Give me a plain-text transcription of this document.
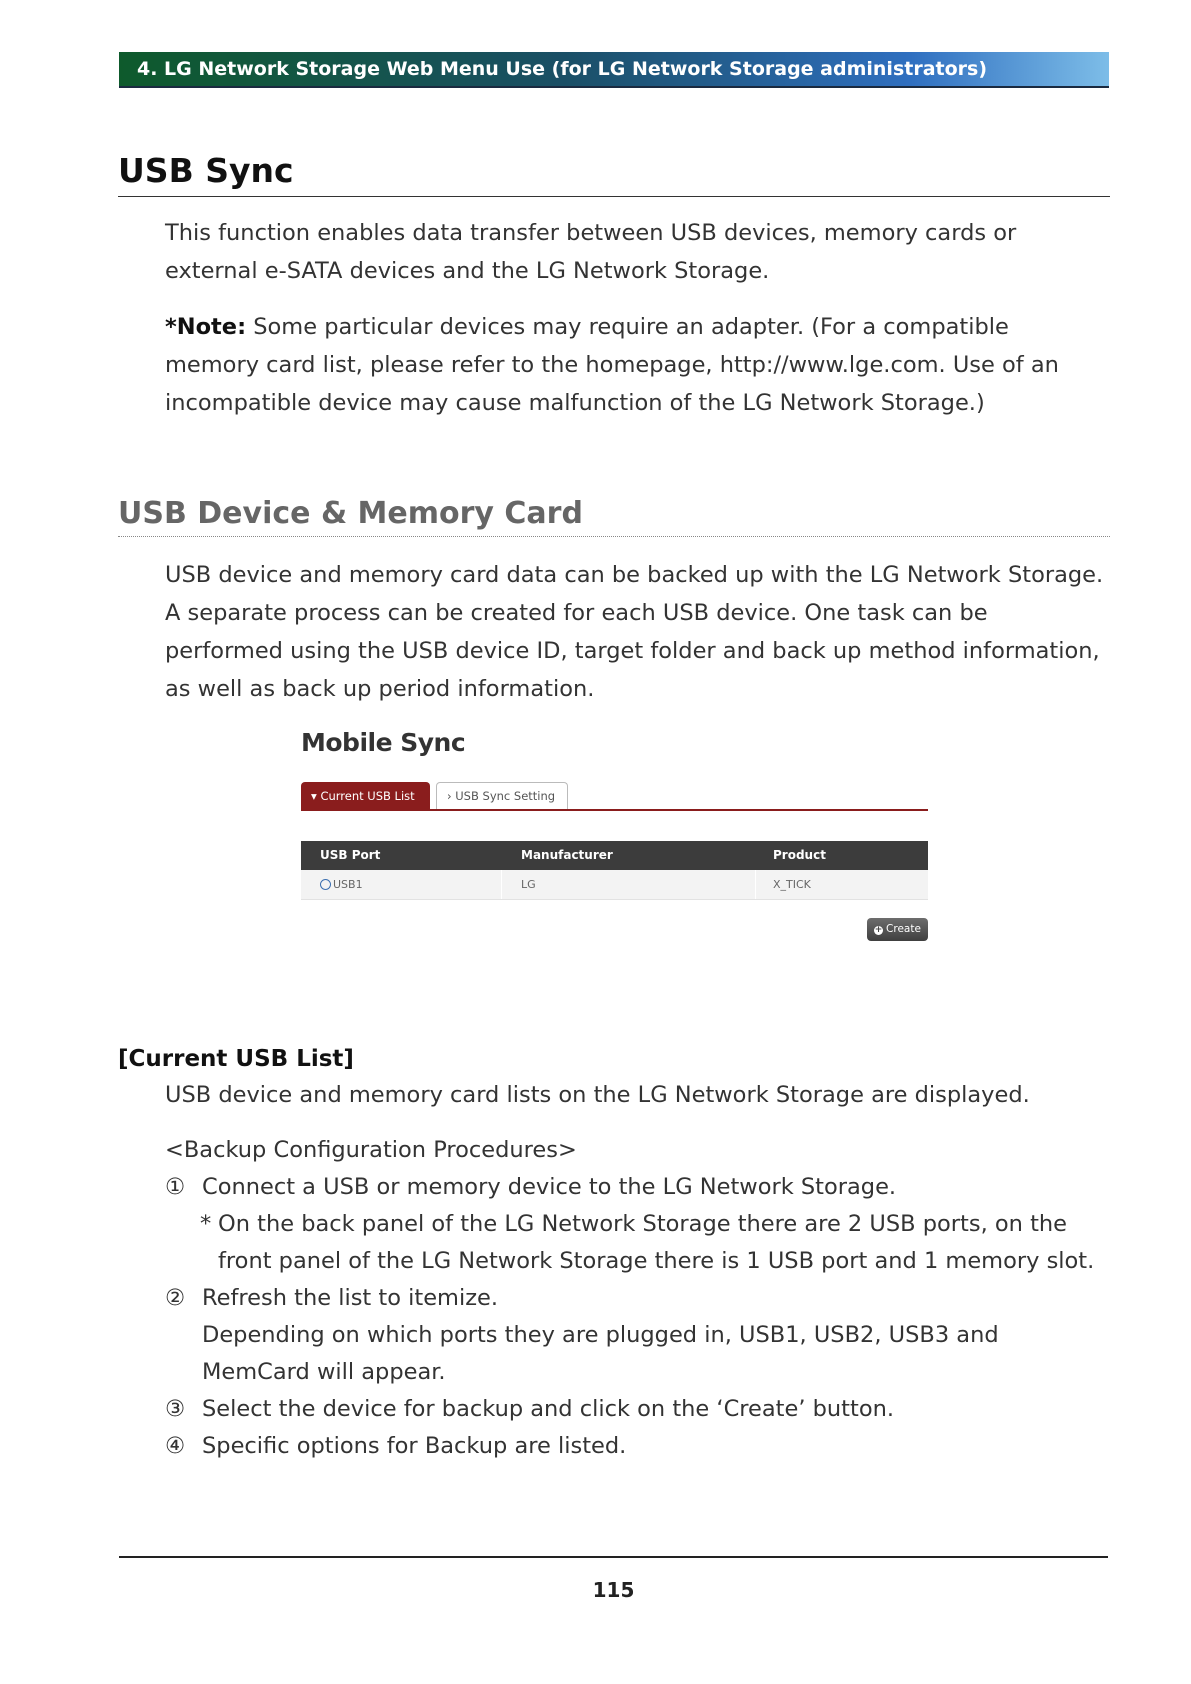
4. LG Network Storage Web Menu Use (for LG Network Storage administrators)
USB Sync
This function enables data transfer between USB devices, memory cards or
external e-SATA devices and the LG Network Storage.
*Note: Some particular devices may require an adapter. (For a compatible
memory card list, please refer to the homepage, http://www.lge.com. Use of an
incompatible device may cause malfunction of the LG Network Storage.)
USB Device & Memory Card
USB device and memory card data can be backed up with the LG Network Storage.
A separate process can be created for each USB device. One task can be
performed using the USB device ID, target folder and back up method information,
as well as back up period information.
Mobile Sync
▾ Current USB List	› USB Sync Setting
USB Port	Manufacturer	Product
USB1	LG	X_TICK
+ Create
[Current USB List]
USB device and memory card lists on the LG Network Storage are displayed.
<Backup Configuration Procedures>
① Connect a USB or memory device to the LG Network Storage.
* On the back panel of the LG Network Storage there are 2 USB ports, on the
front panel of the LG Network Storage there is 1 USB port and 1 memory slot.
② Refresh the list to itemize.
Depending on which ports they are plugged in, USB1, USB2, USB3 and
MemCard will appear.
③ Select the device for backup and click on the ‘Create’ button.
④ Specific options for Backup are listed.
115
